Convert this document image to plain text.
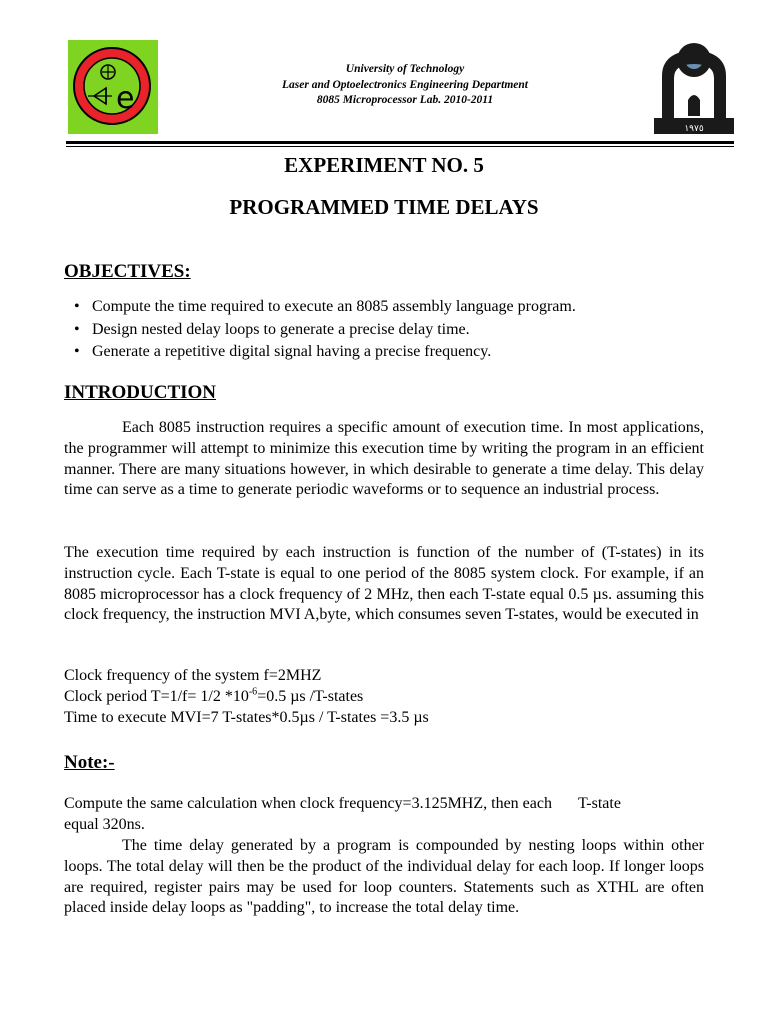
e
University of Technology
Laser and Optoelectronics Engineering Department
8085 Microprocessor Lab. 2010-2011
١٩٧٥
EXPERIMENT NO. 5
PROGRAMMED TIME DELAYS
OBJECTIVES:
• Compute the time required to execute an 8085 assembly language program.
• Design nested delay loops to generate a precise delay time.
• Generate a repetitive digital signal having a precise frequency.
INTRODUCTION

Each 8085 instruction requires a specific amount of execution time. In most applications, the programmer will attempt to minimize this execution time by writing the program in an efficient manner. There are many situations however, in which desirable to generate a time delay. This delay time can serve as a time to generate periodic waveforms or to sequence an industrial process.

The execution time required by each instruction is function of the number of (T-states) in its instruction cycle. Each T-state is equal to one period of the 8085 system clock. For example, if an 8085 microprocessor has a clock frequency of 2 MHz, then each T-state equal 0.5 µs. assuming this clock frequency, the instruction MVI A,byte, which consumes seven T-states, would be executed in

Clock frequency of the system f=2MHZ
Clock period T=1/f= 1/2 $*10^{-6}=0.5$ µs /T-states
Time to execute MVI=7 T-states*0.5µs / T-states =3.5 µs
Note:-
Compute the same calculation when clock frequency=3.125MHZ, then each T-state
equal 320ns.

The time delay generated by a program is compounded by nesting loops within other loops. The total delay will then be the product of the individual delay for each loop. If longer loops are required, register pairs may be used for loop counters. Statements such as XTHL are often placed inside delay loops as "padding", to increase the total delay time.
